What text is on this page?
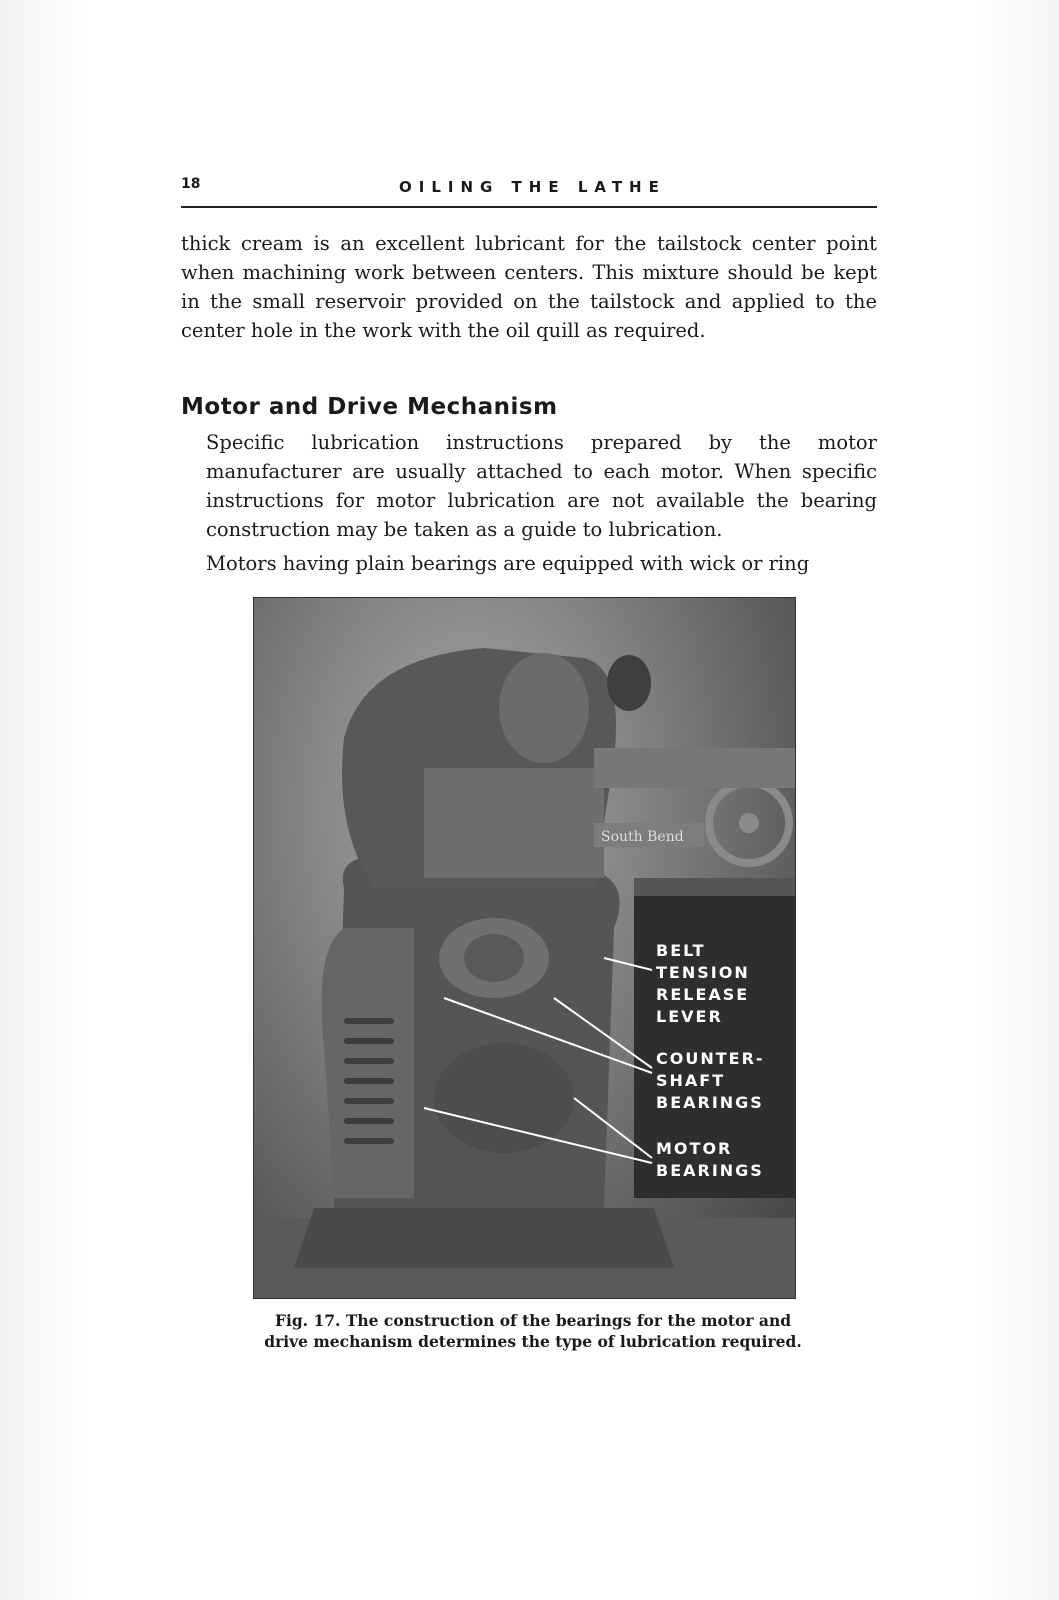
18	OILING THE LATHE

thick cream is an excellent lubricant for the tailstock center point when machining work between centers. This mixture should be kept in the small reservoir provided on the tailstock and applied to the center hole in the work with the oil quill as required.

Motor and Drive Mechanism

Specific lubrication instructions prepared by the motor manufacturer are usually attached to each motor. When specific instructions for motor lubrication are not available the bearing construction may be taken as a guide to lubrication.

Motors having plain bearings are equipped with wick or ring

South Bend
BELT
TENSION
RELEASE
LEVER
COUNTER-
SHAFT
BEARINGS
MOTOR
BEARINGS

Fig. 17. The construction of the bearings for the motor and drive mechanism determines the type of lubrication required.
